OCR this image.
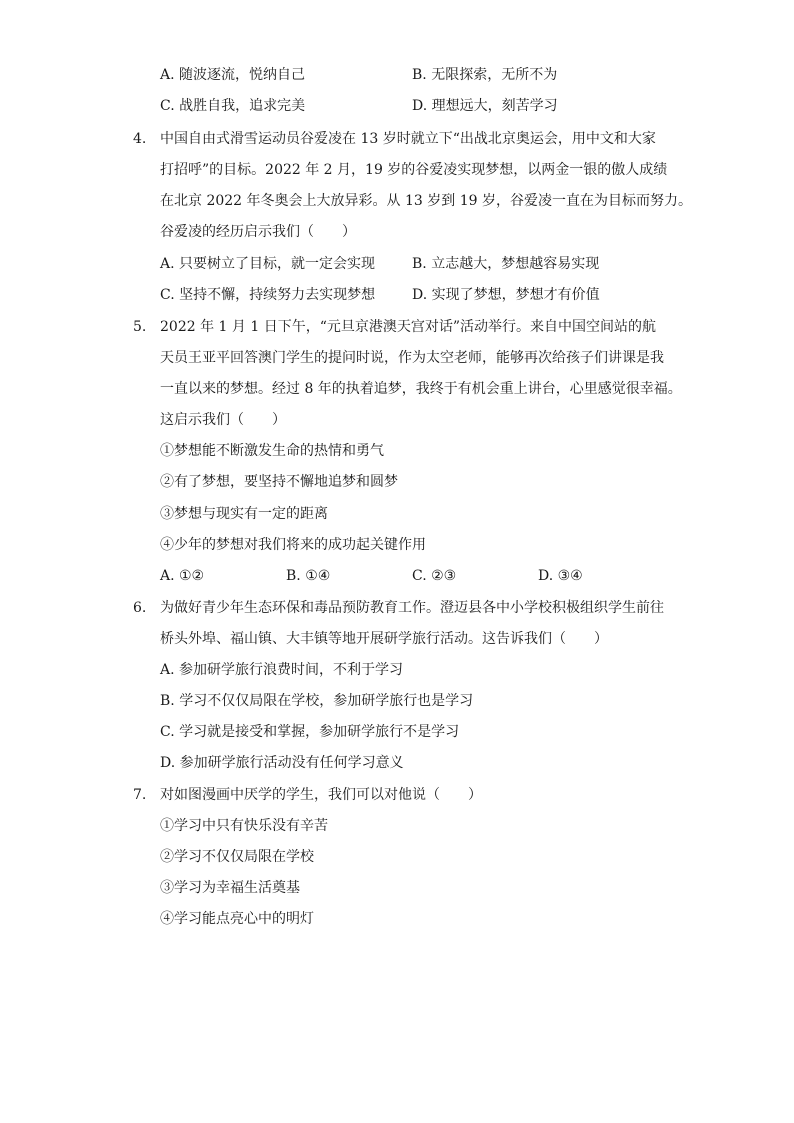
A. 随波逐流，悦纳自己	B. 无限探索，无所不为
C. 战胜自我，追求完美	D. 理想远大，刻苦学习
4. 中国自由式滑雪运动员谷爱凌在 13 岁时就立下“出战北京奥运会，用中文和大家
打招呼”的目标。2022 年 2 月，19 岁的谷爱凌实现梦想，以两金一银的傲人成绩
在北京 2022 年冬奥会上大放异彩。从 13 岁到 19 岁，谷爱凌一直在为目标而努力。
谷爱凌的经历启示我们（　　）
A. 只要树立了目标，就一定会实现	B. 立志越大，梦想越容易实现
C. 坚持不懈，持续努力去实现梦想	D. 实现了梦想，梦想才有价值
5. 2022 年 1 月 1 日下午，“元旦京港澳天宫对话”活动举行。来自中国空间站的航
天员王亚平回答澳门学生的提问时说，作为太空老师，能够再次给孩子们讲课是我
一直以来的梦想。经过 8 年的执着追梦，我终于有机会重上讲台，心里感觉很幸福。
这启示我们（　　）
①梦想能不断激发生命的热情和勇气
②有了梦想，要坚持不懈地追梦和圆梦
③梦想与现实有一定的距离
④少年的梦想对我们将来的成功起关键作用
A. ①②	B. ①④	C. ②③	D. ③④
6. 为做好青少年生态环保和毒品预防教育工作。澄迈县各中小学校积极组织学生前往
桥头外埠、福山镇、大丰镇等地开展研学旅行活动。这告诉我们（　　）
A. 参加研学旅行浪费时间，不利于学习
B. 学习不仅仅局限在学校，参加研学旅行也是学习
C. 学习就是接受和掌握，参加研学旅行不是学习
D. 参加研学旅行活动没有任何学习意义
7. 对如图漫画中厌学的学生，我们可以对他说（　　）
①学习中只有快乐没有辛苦
②学习不仅仅局限在学校
③学习为幸福生活奠基
④学习能点亮心中的明灯
